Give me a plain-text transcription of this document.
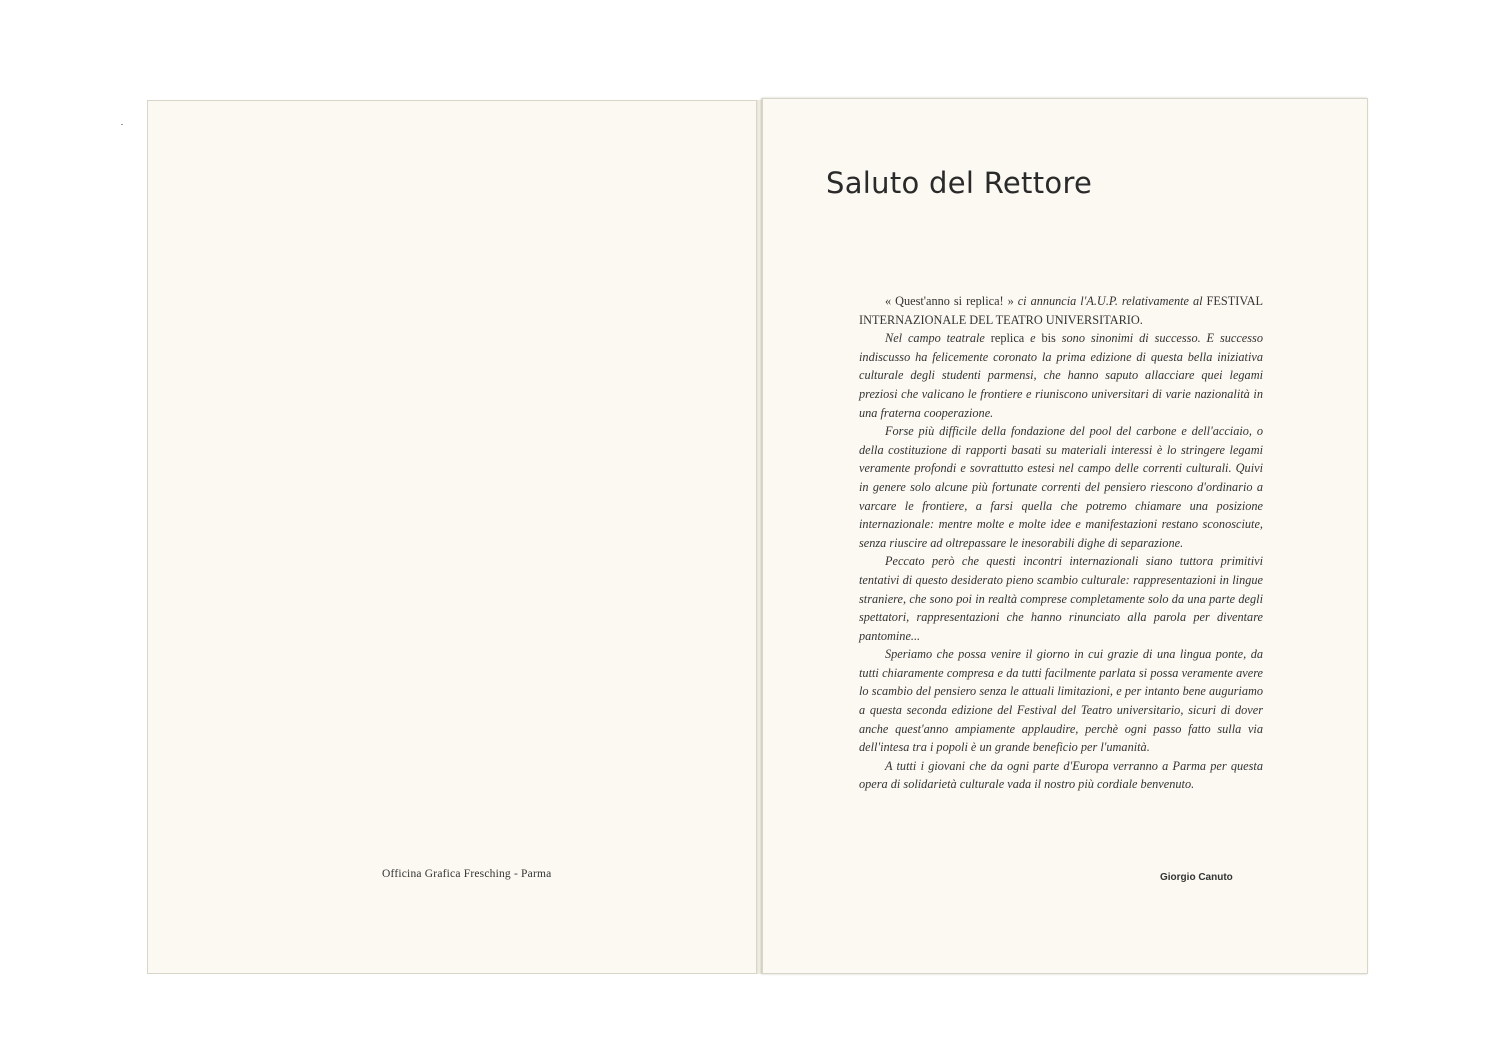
Officina Grafica Fresching - Parma
Saluto del Rettore

« Quest'anno si replica! » ci annuncia l'A.U.P. relativamente al FESTIVAL INTERNAZIONALE DEL TEATRO UNIVERSITARIO.

Nel campo teatrale replica e bis sono sinonimi di successo. E successo indiscusso ha felicemente coronato la prima edizione di questa bella iniziativa culturale degli studenti parmensi, che hanno saputo allacciare quei legami preziosi che valicano le frontiere e riuniscono universitari di varie nazionalità in una fraterna cooperazione.

Forse più difficile della fondazione del pool del carbone e dell'acciaio, o della costituzione di rapporti basati su materiali interessi è lo stringere legami veramente profondi e sovrattutto estesi nel campo delle correnti culturali. Quivi in genere solo alcune più fortunate correnti del pensiero riescono d'ordinario a varcare le frontiere, a farsi quella che potremo chiamare una posizione internazionale: mentre molte e molte idee e manifestazioni restano sconosciute, senza riuscire ad oltrepassare le inesorabili dighe di separazione.

Peccato però che questi incontri internazionali siano tuttora primitivi tentativi di questo desiderato pieno scambio culturale: rappresentazioni in lingue straniere, che sono poi in realtà comprese completamente solo da una parte degli spettatori, rappresentazioni che hanno rinunciato alla parola per diventare pantomine...

Speriamo che possa venire il giorno in cui grazie di una lingua ponte, da tutti chiaramente compresa e da tutti facilmente parlata si possa veramente avere lo scambio del pensiero senza le attuali limitazioni, e per intanto bene auguriamo a questa seconda edizione del Festival del Teatro universitario, sicuri di dover anche quest'anno ampiamente applaudire, perchè ogni passo fatto sulla via dell'intesa tra i popoli è un grande beneficio per l'umanità.

A tutti i giovani che da ogni parte d'Europa verranno a Parma per questa opera di solidarietà culturale vada il nostro più cordiale benvenuto.

Giorgio Canuto
